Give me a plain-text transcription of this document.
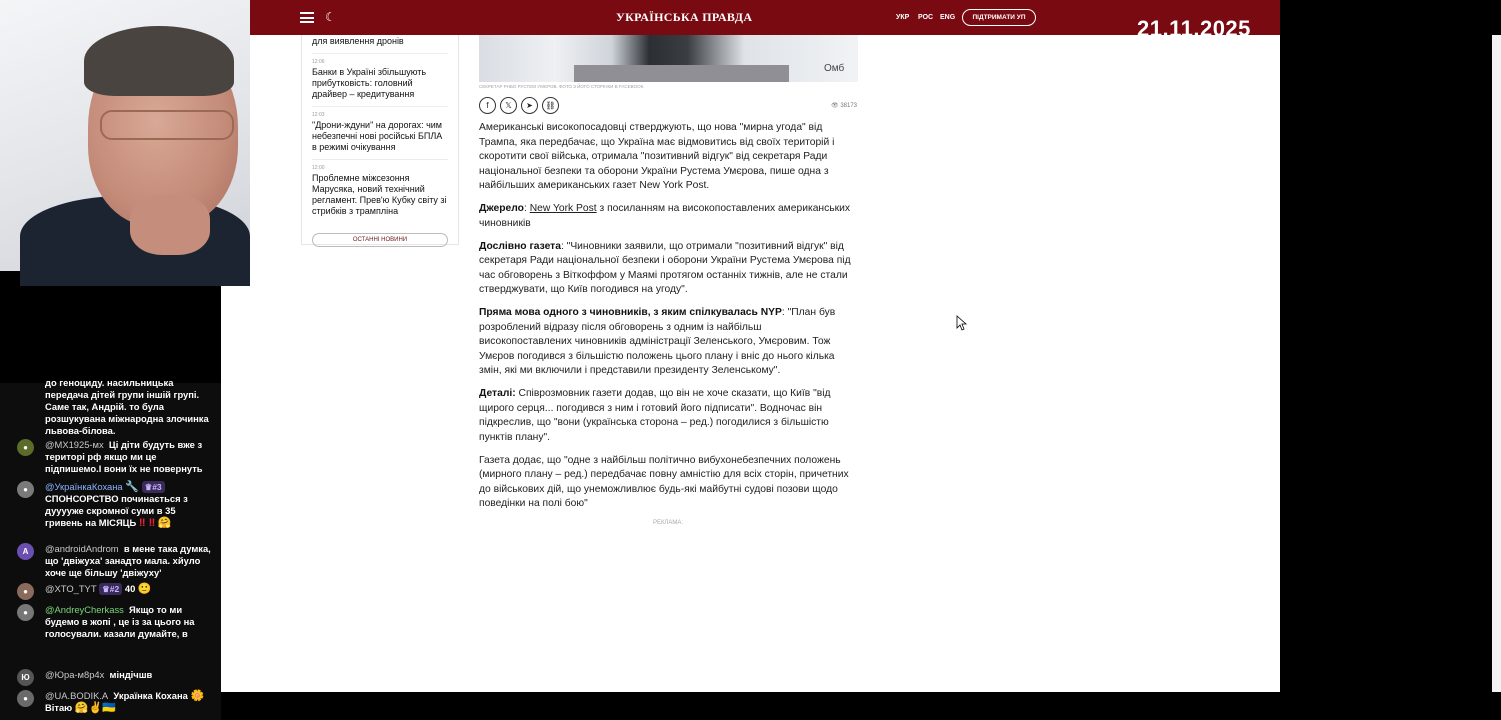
☾	УКРАЇНСЬКА ПРАВДА	УКР РОС ENG	ПІДТРИМАТИ УП
для виявлення дронів
12:06
Банки в Україні збільшують прибутковість: головний драйвер – кредитування
12:03
"Дрони-ждуни" на дорогах: чим небезпечні нові російські БПЛА в режимі очікування
12:00
Проблемне міжсезоння Марусяка, новий технічний регламент. Прев'ю Кубку світу зі стрибків з трампліна
ОСТАННІ НОВИНИ
Омб
СЕКРЕТАР РНБО РУСТЕМ УМЄРОВ. ФОТО З ЙОГО СТОРІНКИ В FACEBOOK
f	𝕏	➤	⛓	👁 38173

Американські високопосадовці стверджують, що нова "мирна угода" від Трампа, яка передбачає, що Україна має відмовитись від своїх територій і скоротити свої війська, отримала "позитивний відгук" від секретаря Ради національної безпеки та оборони України Рустема Умєрова, пише одна з найбільших американських газет New York Post.

Джерело: New York Post з посиланням на високопоставлених американських чиновників

Дослівно газета: "Чиновники заявили, що отримали "позитивний відгук" від секретаря Ради національної безпеки і оборони України Рустема Умєрова під час обговорень з Віткоффом у Маямі протягом останніх тижнів, але не стали стверджувати, що Київ погодився на угоду".

Пряма мова одного з чиновників, з яким спілкувалась NYP: "План був розроблений відразу після обговорень з одним із найбільш високопоставлених чиновників адміністрації Зеленського, Умєровим. Тож Умєров погодився з більшістю положень цього плану і вніс до нього кілька змін, які ми включили і представили президенту Зеленському".

Деталі: Співрозмовник газети додав, що він не хоче сказати, що Київ "від щирого серця... погодився з ним і готовий його підписати". Водночас він підкреслив, що "вони (українська сторона – ред.) погодилися з більшістю пунктів плану".

Газета додає, що "одне з найбільш політично вибухонебезпечних положень (мирного плану – ред.) передбачає повну амністію для всіх сторін, причетних до військових дій, що унеможливлює будь-які майбутні судові позови щодо поведінки на полі бою"

РЕКЛАМА:
21.11.2025
до геноциду. насильницька передача дітей групи іншій групі. Саме так, Андрій. то була розшукувана міжнародна злочинка львова-білова.
●	@MX1925-мх Ці діти будуть вже з територі рф якщо ми це підпишемо.І вони їх не повернуть
●	@УкраїнкаКохана 🔧 ♛#3
СПОНСОРСТВО починається з дууууже скромної суми в 35 гривень на МІСЯЦЬ ‼ ‼ 🤗
A	@androidAndrom в мене така думка, що 'двіжуха' занадто мала. хйуло хоче ще більшу 'двіжуху'
●	@XTO_TYT ♛#2 40 🙂
●	@AndreyCherkass Якщо то ми будемо в жопі , це із за цього на голосували. казали думайте, в
Ю	@Юра-м8р4х міндічшв
●	@UA.BODIK.A Українка Кохана 🌼
Вітаю 🤗✌🇺🇦
